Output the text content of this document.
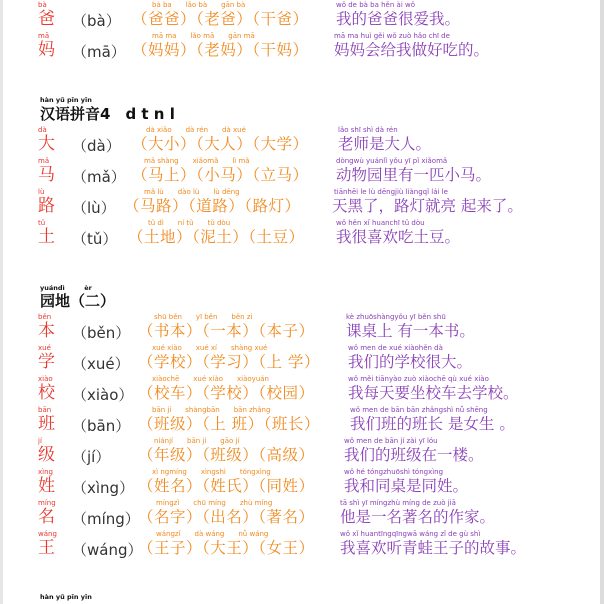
bà
爸 （bà）
bà ba　　lǎo bà　　gān bà
（爸爸）（老爸）（干爸）
wǒ de bà ba hěn ài wǒ
我的爸爸很爱我。
mā
妈 （mā）
mā ma　　lǎo mā　　gān mā
（妈妈）（老妈）（干妈）
mā ma huì gěi wǒ zuò hǎo chī de
妈妈会给我做好吃的。
hàn yǔ pīn yīn
汉语拼音4　d t n l
dà
大 （dà）
dà xiǎo　　dà rén　　dà xué
（大小）（大人）（大学）
lǎo shī shì dà rén
老师是大人。
mǎ
马 （mǎ）
mǎ shàng　　xiǎomǎ　　lì mǎ
（马上）（小马）（立马）
dòngwù yuánlǐ yǒu yī pǐ xiǎomǎ
动物园里有一匹小马。
lù
路 （lù）
mǎ lù　　dào lù　　lù dēng
（马路）（道路）（路灯）
tiānhēi le lù dēngjiù liàngqǐ lái le
天黑了，路灯就亮 起来了。
tǔ
土 （tǔ）
tǔ dì　　ní tǔ　　tǔ dòu
（土地）（泥土）（土豆）
wǒ hěn xǐ huanchī tǔ dòu
我很喜欢吃土豆。
yuándì　　　èr
园地（二）
běn
本 （běn）
shū běn　　yī běn　　běn zi
（书本）（一本）（本子）
kè zhuōshàngyǒu yī běn shū
课桌上 有一本书。
xué
学 （xué）
xué xiào　　xué xí　　shàng xué
（学校）（学习）（上 学）
wǒ men de xué xiàohěn dà
我们的学校很大。
xiào
校 （xiào）
xiàochē　　xué xiào　　xiàoyuán
（校车）（学校）（校园）
wǒ měi tiānyào zuò xiàochē qù xué xiào
我每天要坐校车去学校。
bān
班 （bān）
bān jí　　shàngbān　　bān zhǎng
（班级）（上 班）（班长）
wǒ men de bān bān zhǎngshì nǚ shēng
我们班的班长 是女生 。
jí
级 （jí）
niánjí　　bān jí　　gāo jí
（年级）（班级）（高级）
wǒ men de bān jí zài yī lóu
我们的班级在一楼。
xìng
姓 （xìng）
xì ngmíng　　xìngshì　　tóngxìng
（姓名）（姓氏）（同姓）
wǒ hé tóngzhuōshì tóngxìng
我和同桌是同姓。
míng
名 （míng）
míngzì　　chū míng　　zhù míng
（名字）（出名）（著名）
tā shì yī míngzhù míng de zuò jiā
他是一名著名的作家。
wáng
王 （wáng）
wángzǐ　　dà wáng　　nǚ wáng
（王子）（大王）（女王）
wǒ xǐ huantīngqīngwā wáng zǐ de gù shì
我喜欢听青蛙王子的故事。
hàn yǔ pīn yīn
